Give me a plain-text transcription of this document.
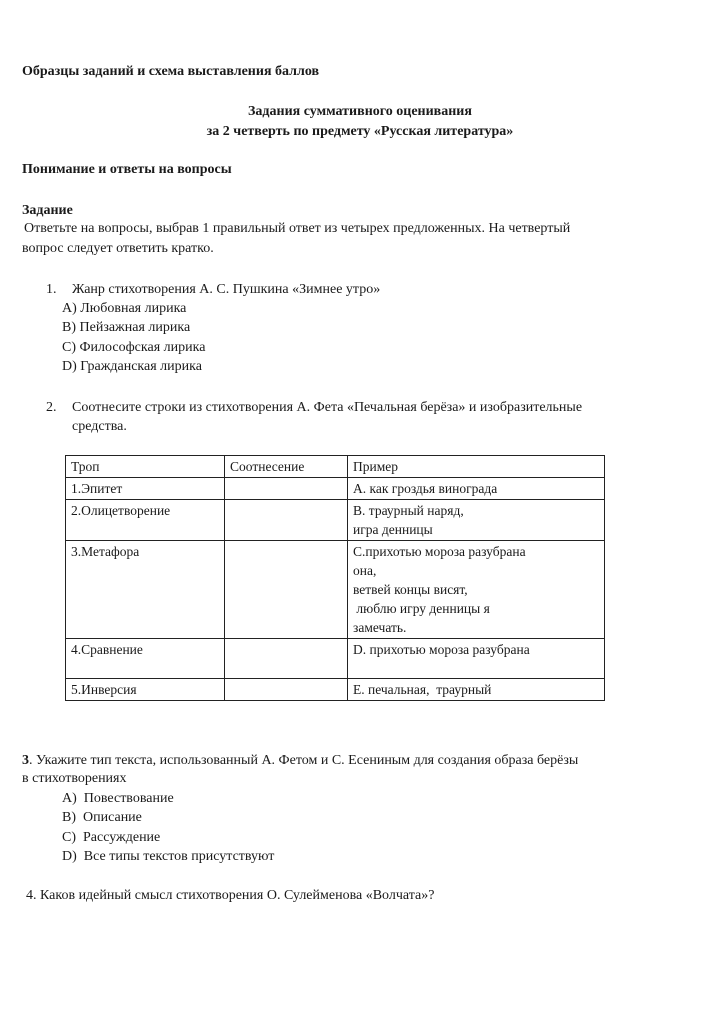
Образцы заданий и схема выставления баллов
Задания суммативного оценивания
за 2 четверть по предмету «Русская литература»
Понимание и ответы на вопросы
Задание
Ответьте на вопросы, выбрав 1 правильный ответ из четырех предложенных. На четвертый
вопрос следует ответить кратко.
1. Жанр стихотворения А. С. Пушкина «Зимнее утро»
А) Любовная лирика
В) Пейзажная лирика
С) Философская лирика
D) Гражданская лирика
2. Соотнесите строки из стихотворения А. Фета «Печальная берёза» и изобразительные
средства.
Троп	Соотнесение	Пример
1.Эпитет		А. как гроздья винограда

2.Олицетворение		В. траурный наряд,
игра денницы

3.Метафора		С.прихотью мороза разубрана
она,
ветвей концы висят,
люблю игру денницы я
замечать.

4.Сравнение		D. прихотью мороза разубрана

5.Инверсия		Е. печальная,  траурный
3. Укажите тип текста, использованный А. Фетом и С. Есениным для создания образа берёзы
в стихотворениях
А)  Повествование
В)  Описание
С)  Рассуждение
D)  Все типы текстов присутствуют
4. Каков идейный смысл стихотворения О. Сулейменова «Волчата»?
